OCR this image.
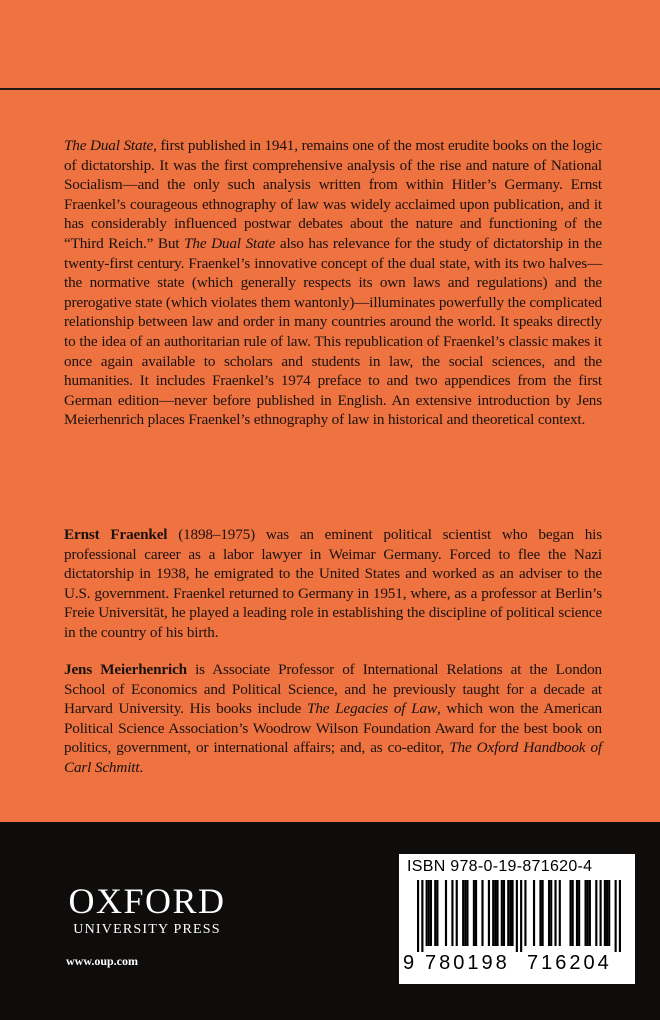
The Dual State, first published in 1941, remains one of the most erudite books on the logic of dictatorship. It was the first comprehensive analysis of the rise and nature of National Socialism—and the only such analysis written from within Hitler’s Germany. Ernst Fraenkel’s courageous ethnography of law was widely acclaimed upon publication, and it has considerably influenced postwar debates about the nature and functioning of the “Third Reich.” But The Dual State also has relevance for the study of dictatorship in the twenty-first century. Fraenkel’s innovative concept of the dual state, with its two halves—the normative state (which generally respects its own laws and regulations) and the prerogative state (which violates them wantonly)—illuminates powerfully the complicated relationship between law and order in many countries around the world. It speaks directly to the idea of an authoritarian rule of law. This republication of Fraenkel’s classic makes it once again available to scholars and students in law, the social sciences, and the humanities. It includes Fraenkel’s 1974 preface to and two appendices from the first German edition—never before published in English. An extensive introduction by Jens Meierhenrich places Fraenkel’s ethnography of law in historical and theoretical context.

Ernst Fraenkel (1898–1975) was an eminent political scientist who began his professional career as a labor lawyer in Weimar Germany. Forced to flee the Nazi dictatorship in 1938, he emigrated to the United States and worked as an adviser to the U.S. government. Fraenkel returned to Germany in 1951, where, as a professor at Berlin’s Freie Universität, he played a leading role in establishing the discipline of political science in the country of his birth.

Jens Meierhenrich is Associate Professor of International Relations at the London School of Economics and Political Science, and he previously taught for a decade at Harvard University. His books include The Legacies of Law, which won the American Political Science Association’s Woodrow Wilson Foundation Award for the best book on politics, government, or international affairs; and, as co-editor, The Oxford Handbook of Carl Schmitt.

OXFORD
UNIVERSITY PRESS
www.oup.com
ISBN 978-0-19-871620-4
9 780198 716204
